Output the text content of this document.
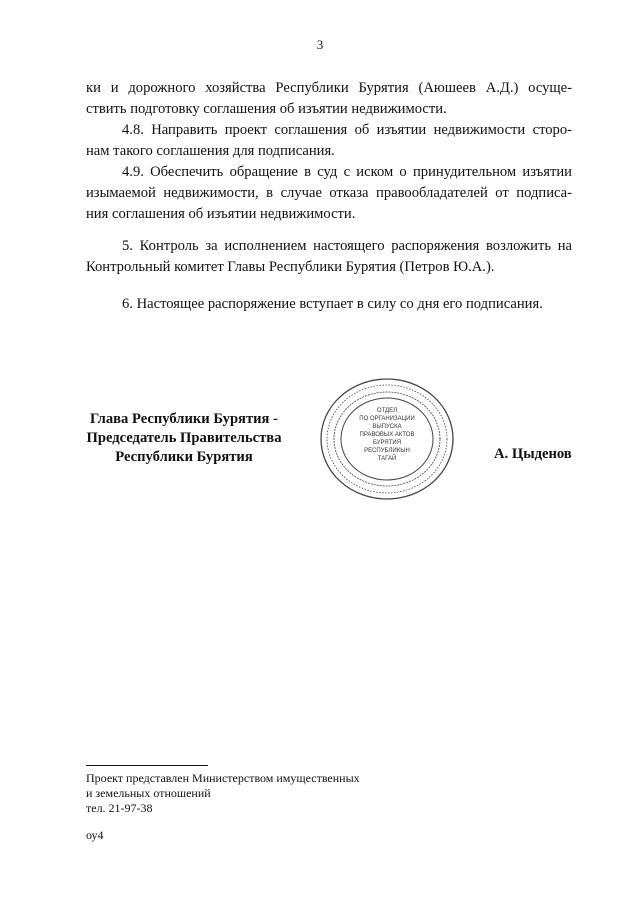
3

ки и дорожного хозяйства Республики Бурятия (Аюшеев А.Д.) осуще-
ствить подготовку соглашения об изъятии недвижимости.

4.8. Направить проект соглашения об изъятии недвижимости сторо-
нам такого соглашения для подписания.

4.9. Обеспечить обращение в суд с иском о принудительном изъятии
изымаемой недвижимости, в случае отказа правообладателей от подписа-
ния соглашения об изъятии недвижимости.

5. Контроль за исполнением настоящего распоряжения возложить на
Контрольный комитет Главы Республики Бурятия (Петров Ю.А.).

6. Настоящее распоряжение вступает в силу со дня его подписания.

Глава Республики Бурятия -
Председатель Правительства
Республики Бурятия
ОТДЕЛ
ПО ОРГАНИЗАЦИИ
ВЫПУСКА
ПРАВОВЫХ АКТОВ
БУРЯТИЯ
РЕСПУБЛИКЫН
ТАГАЙ	А. Цыденов
Проект представлен Министерством имущественных
и земельных отношений
тел. 21-97-38
оу4
